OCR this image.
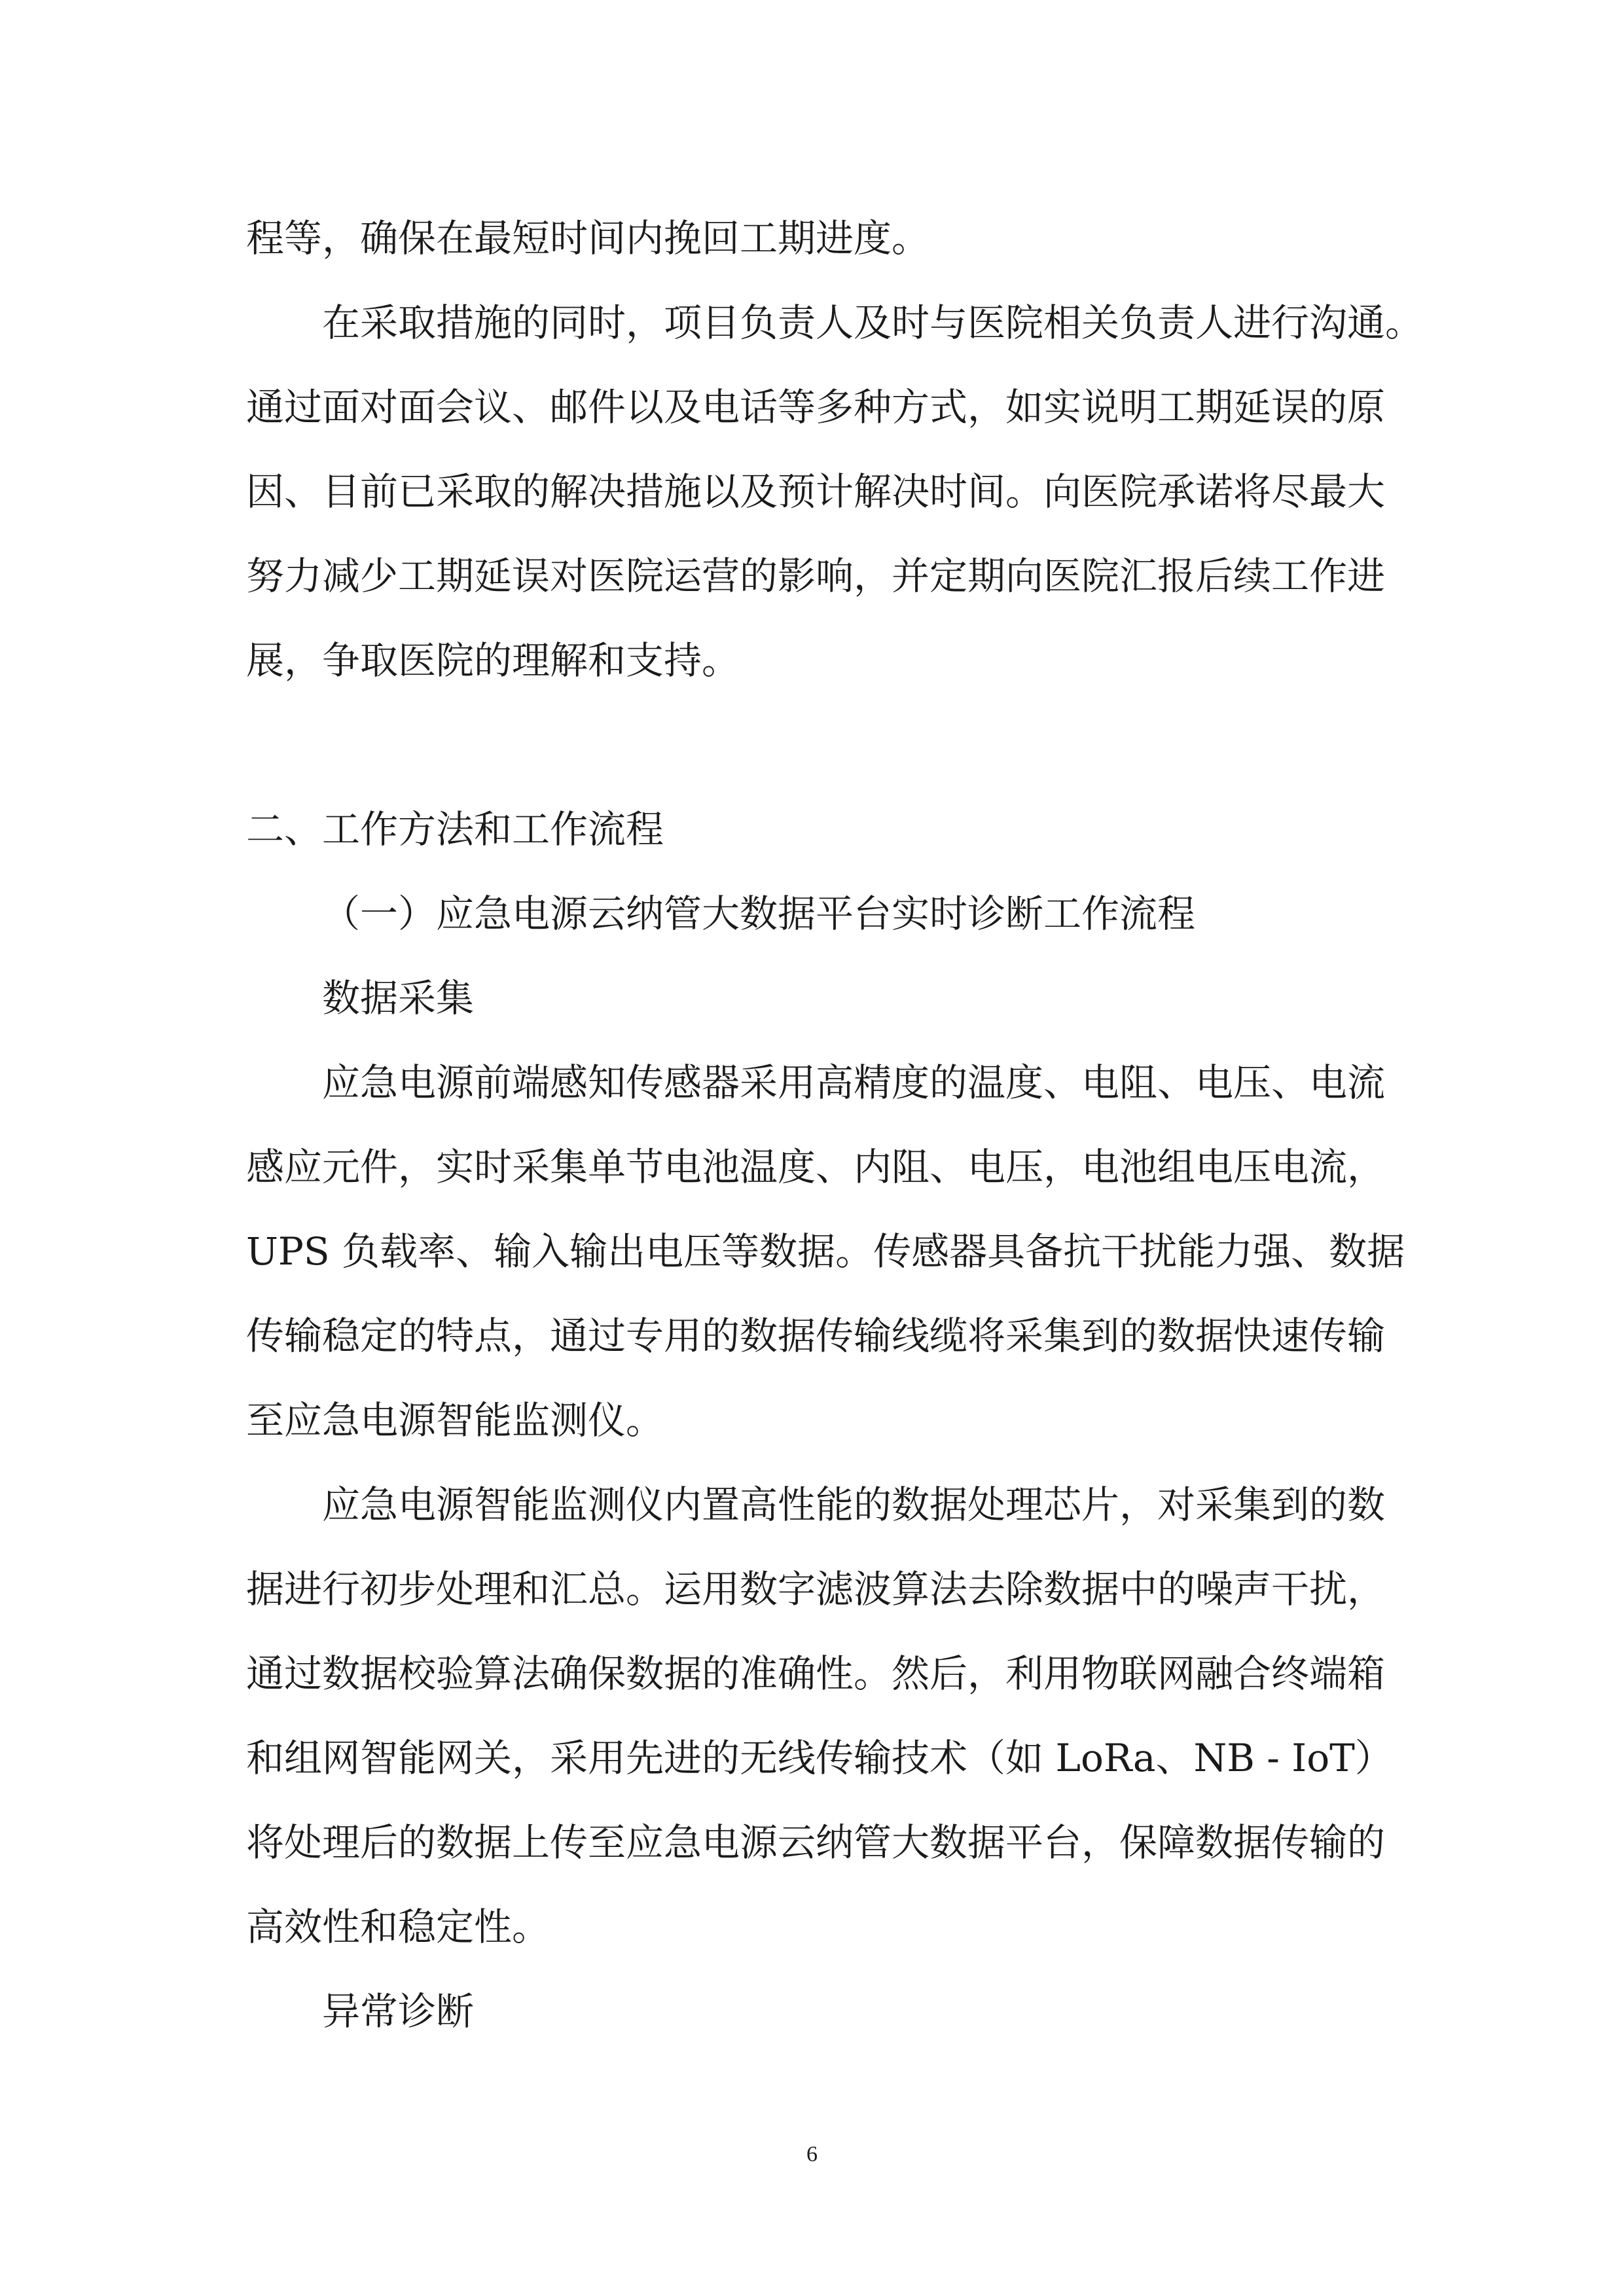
程等，确保在最短时间内挽回工期进度。
在采取措施的同时，项目负责人及时与医院相关负责人进行沟通。
通过面对面会议、邮件以及电话等多种方式，如实说明工期延误的原
因、目前已采取的解决措施以及预计解决时间。向医院承诺将尽最大
努力减少工期延误对医院运营的影响，并定期向医院汇报后续工作进
展，争取医院的理解和支持。
二、工作方法和工作流程
（一）应急电源云纳管大数据平台实时诊断工作流程
数据采集
应急电源前端感知传感器采用高精度的温度、电阻、电压、电流
感应元件，实时采集单节电池温度、内阻、电压，电池组电压电流，
UPS 负载率、输入输出电压等数据。传感器具备抗干扰能力强、数据
传输稳定的特点，通过专用的数据传输线缆将采集到的数据快速传输
至应急电源智能监测仪。
应急电源智能监测仪内置高性能的数据处理芯片，对采集到的数
据进行初步处理和汇总。运用数字滤波算法去除数据中的噪声干扰，
通过数据校验算法确保数据的准确性。然后，利用物联网融合终端箱
和组网智能网关，采用先进的无线传输技术（如 LoRa、NB - IoT）
将处理后的数据上传至应急电源云纳管大数据平台，保障数据传输的
高效性和稳定性。
异常诊断
6
